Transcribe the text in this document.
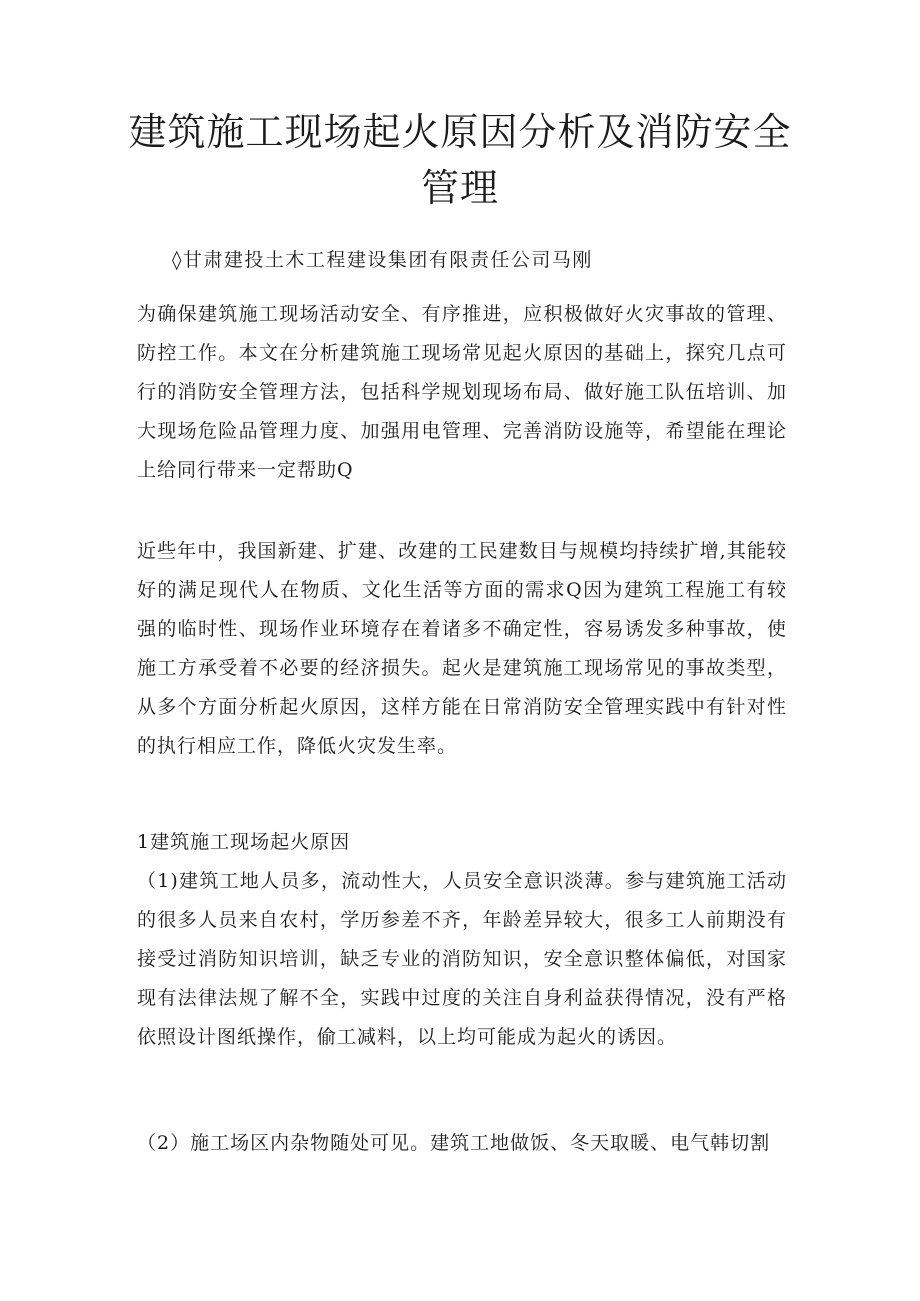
建筑施工现场起火原因分析及消防安全管理

◊甘肃建投土木工程建设集团有限责任公司马刚

为确保建筑施工现场活动安全、有序推进，应积极做好火灾事故的管理、防控工作。本文在分析建筑施工现场常见起火原因的基础上，探究几点可行的消防安全管理方法，包括科学规划现场布局、做好施工队伍培训、加大现场危险品管理力度、加强用电管理、完善消防设施等，希望能在理论上给同行带来一定帮助Q

近些年中，我国新建、扩建、改建的工民建数目与规模均持续扩增,其能较好的满足现代人在物质、文化生活等方面的需求Q因为建筑工程施工有较强的临时性、现场作业环境存在着诸多不确定性，容易诱发多种事故，使施工方承受着不必要的经济损失。起火是建筑施工现场常见的事故类型，从多个方面分析起火原因，这样方能在日常消防安全管理实践中有针对性的执行相应工作，降低火灾发生率。

1建筑施工现场起火原因

（1)建筑工地人员多，流动性大，人员安全意识淡薄。参与建筑施工活动的很多人员来自农村，学历参差不齐，年龄差异较大，很多工人前期没有接受过消防知识培训，缺乏专业的消防知识，安全意识整体偏低，对国家现有法律法规了解不全，实践中过度的关注自身利益获得情况，没有严格依照设计图纸操作，偷工减料，以上均可能成为起火的诱因。

（2）施工场区内杂物随处可见。建筑工地做饭、冬天取暖、电气韩切割
